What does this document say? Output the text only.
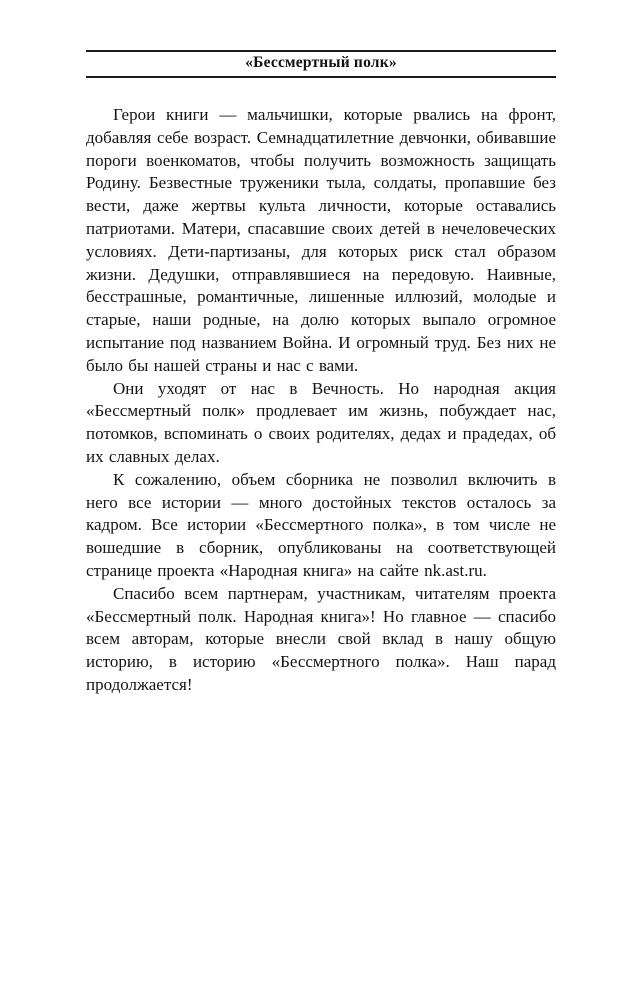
«Бессмертный полк»

Герои книги — мальчишки, которые рвались на фронт, добавляя себе возраст. Семнадцатилетние девчонки, обивавшие пороги военкоматов, чтобы получить возможность защищать Родину. Безвестные труженики тыла, солдаты, пропавшие без вести, даже жертвы культа личности, которые оставались патриотами. Матери, спасавшие своих детей в нечеловеческих условиях. Дети-партизаны, для которых риск стал образом жизни. Дедушки, отправлявшиеся на передовую. Наивные, бесстрашные, романтичные, лишенные иллюзий, молодые и старые, наши родные, на долю которых выпало огромное испытание под названием Война. И огромный труд. Без них не было бы нашей страны и нас с вами.

Они уходят от нас в Вечность. Но народная акция «Бессмертный полк» продлевает им жизнь, побуждает нас, потомков, вспоминать о своих родителях, дедах и прадедах, об их славных делах.

К сожалению, объем сборника не позволил включить в него все истории — много достойных текстов осталось за кадром. Все истории «Бессмертного полка», в том числе не вошедшие в сборник, опубликованы на соответствующей странице проекта «Народная книга» на сайте nk.ast.ru.

Спасибо всем партнерам, участникам, читателям проекта «Бессмертный полк. Народная книга»! Но главное — спасибо всем авторам, которые внесли свой вклад в нашу общую историю, в историю «Бессмертного полка». Наш парад продолжается!
